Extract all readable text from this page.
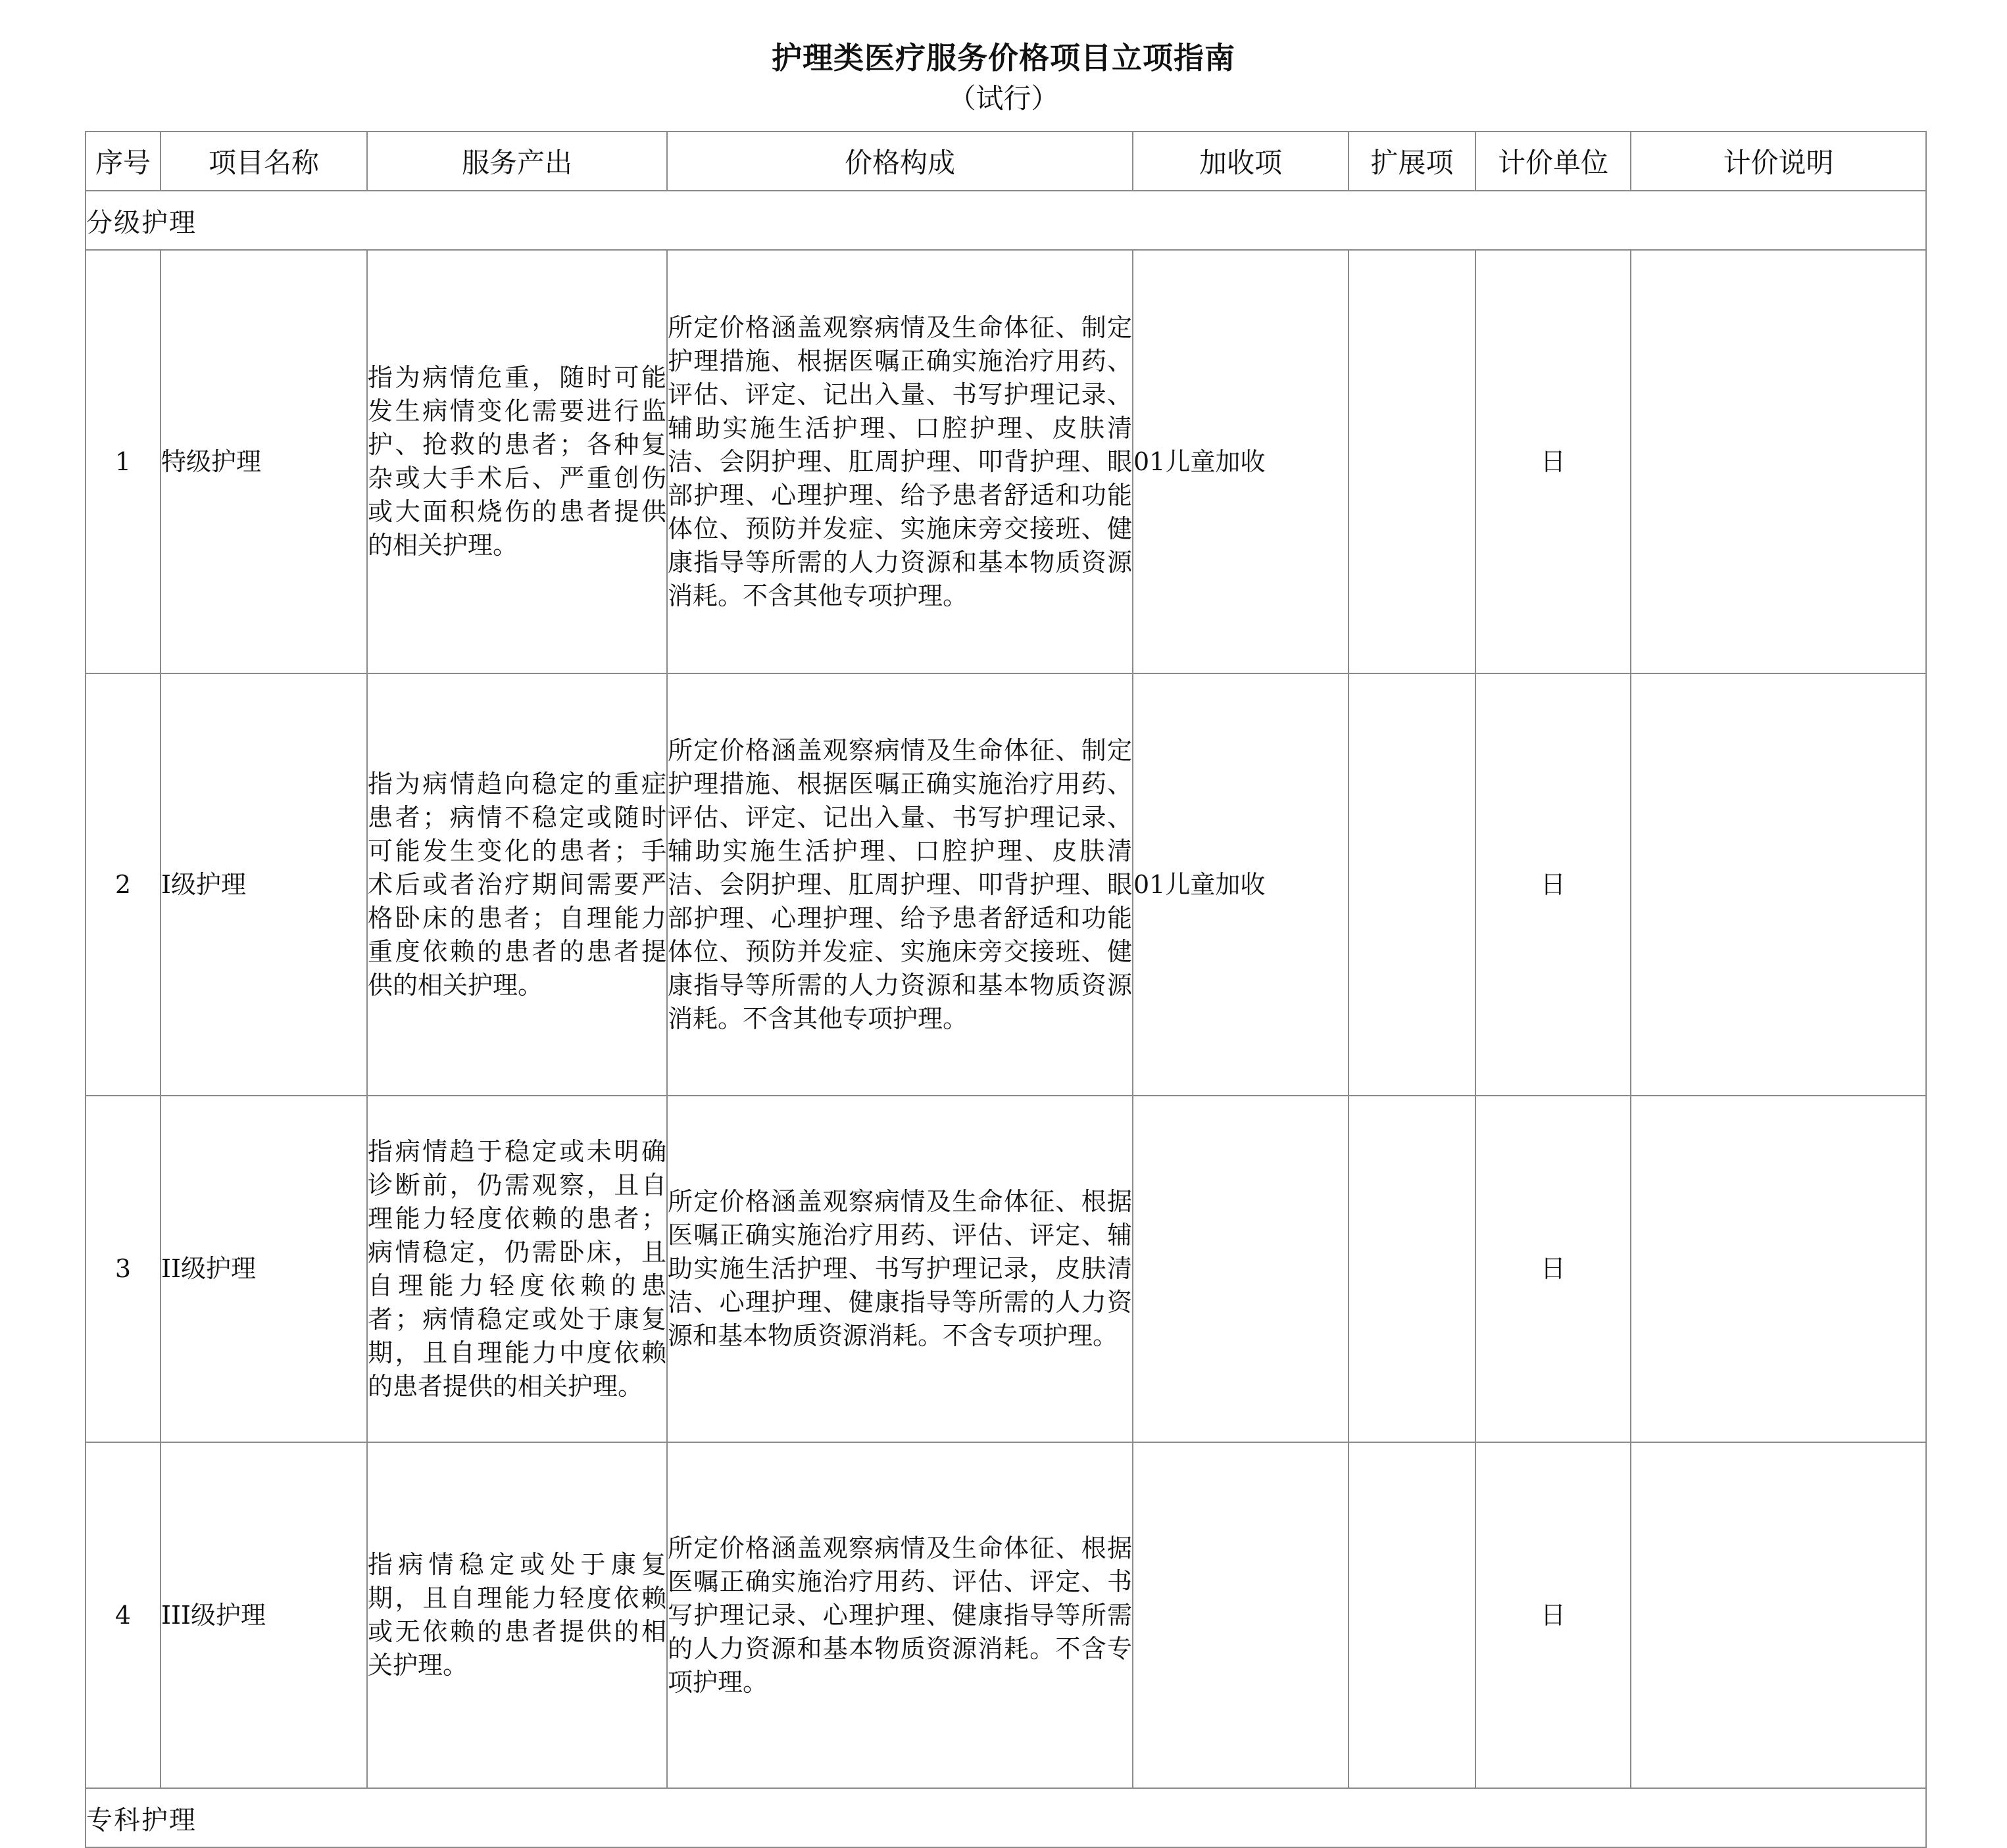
护理类医疗服务价格项目立项指南
（试行）
序号	项目名称	服务产出	价格构成	加收项	扩展项	计价单位	计价说明
分级护理							
1	特级护理	指为病情危重，随时可能发生病情变化需要进行监护、抢救的患者；各种复杂或大手术后、严重创伤或大面积烧伤的患者提供的相关护理。	所定价格涵盖观察病情及生命体征、制定护理措施、根据医嘱正确实施治疗用药、评估、评定、记出入量、书写护理记录、辅助实施生活护理、口腔护理、皮肤清洁、会阴护理、肛周护理、叩背护理、眼部护理、心理护理、给予患者舒适和功能体位、预防并发症、实施床旁交接班、健康指导等所需的人力资源和基本物质资源消耗。不含其他专项护理。	01儿童加收		日	
2	I级护理	指为病情趋向稳定的重症患者；病情不稳定或随时可能发生变化的患者；手术后或者治疗期间需要严格卧床的患者；自理能力重度依赖的患者的患者提供的相关护理。	所定价格涵盖观察病情及生命体征、制定护理措施、根据医嘱正确实施治疗用药、评估、评定、记出入量、书写护理记录、辅助实施生活护理、口腔护理、皮肤清洁、会阴护理、肛周护理、叩背护理、眼部护理、心理护理、给予患者舒适和功能体位、预防并发症、实施床旁交接班、健康指导等所需的人力资源和基本物质资源消耗。不含其他专项护理。	01儿童加收		日	
3	II级护理	指病情趋于稳定或未明确诊断前，仍需观察，且自理能力轻度依赖的患者；病情稳定，仍需卧床，且自理能力轻度依赖的患者；病情稳定或处于康复期，且自理能力中度依赖的患者提供的相关护理。	所定价格涵盖观察病情及生命体征、根据医嘱正确实施治疗用药、评估、评定、辅助实施生活护理、书写护理记录，皮肤清洁、心理护理、健康指导等所需的人力资源和基本物质资源消耗。不含专项护理。			日	
4	III级护理	指病情稳定或处于康复期，且自理能力轻度依赖或无依赖的患者提供的相关护理。	所定价格涵盖观察病情及生命体征、根据医嘱正确实施治疗用药、评估、评定、书写护理记录、心理护理、健康指导等所需的人力资源和基本物质资源消耗。不含专项护理。			日	
专科护理							
